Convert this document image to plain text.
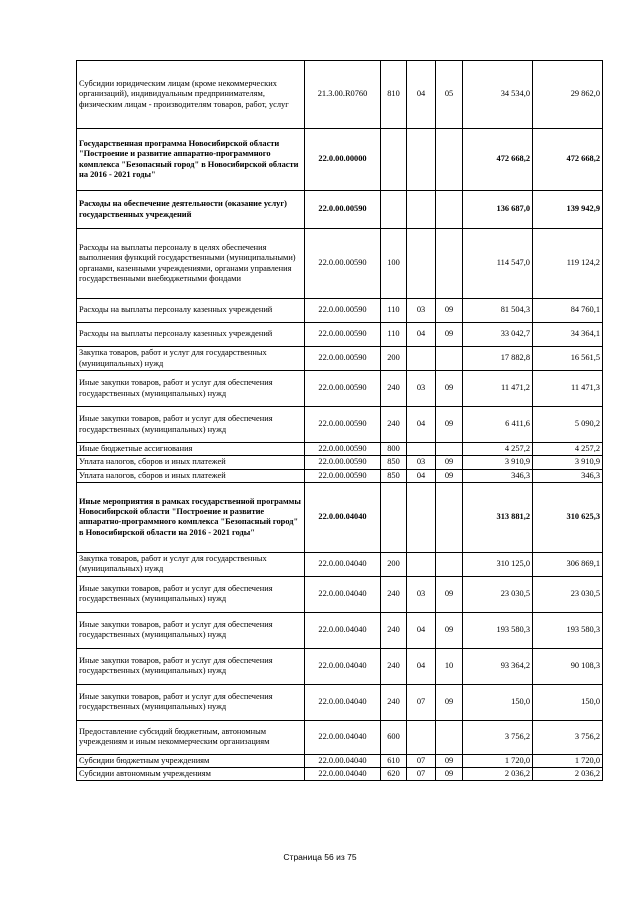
Субсидии юридическим лицам (кроме некоммерческих организаций), индивидуальным предпринимателям, физическим лицам - производителям товаров, работ, услуг	21.3.00.R0760	810	04	05	34 534,0	29 862,0
Государственная программа Новосибирской области "Построение и развитие аппаратно-программного комплекса "Безопасный город" в Новосибирской области на 2016 - 2021 годы"	22.0.00.00000				472 668,2	472 668,2
Расходы на обеспечение деятельности (оказание услуг) государственных учреждений	22.0.00.00590				136 687,0	139 942,9
Расходы на выплаты персоналу в целях обеспечения выполнения функций государственными (муниципальными) органами, казенными учреждениями, органами управления государственными внебюджетными фондами	22.0.00.00590	100			114 547,0	119 124,2
Расходы на выплаты персоналу казенных учреждений	22.0.00.00590	110	03	09	81 504,3	84 760,1
Расходы на выплаты персоналу казенных учреждений	22.0.00.00590	110	04	09	33 042,7	34 364,1
Закупка товаров, работ и услуг для государственных (муниципальных) нужд	22.0.00.00590	200			17 882,8	16 561,5
Иные закупки товаров, работ и услуг для обеспечения государственных (муниципальных) нужд	22.0.00.00590	240	03	09	11 471,2	11 471,3
Иные закупки товаров, работ и услуг для обеспечения государственных (муниципальных) нужд	22.0.00.00590	240	04	09	6 411,6	5 090,2
Иные бюджетные ассигнования	22.0.00.00590	800			4 257,2	4 257,2
Уплата налогов, сборов и иных платежей	22.0.00.00590	850	03	09	3 910,9	3 910,9
Уплата налогов, сборов и иных платежей	22.0.00.00590	850	04	09	346,3	346,3
Иные мероприятия в рамках государственной программы Новосибирской области "Построение и развитие аппаратно-программного комплекса "Безопасный город" в Новосибирской области на 2016 - 2021 годы"	22.0.00.04040				313 881,2	310 625,3
Закупка товаров, работ и услуг для государственных (муниципальных) нужд	22.0.00.04040	200			310 125,0	306 869,1
Иные закупки товаров, работ и услуг для обеспечения государственных (муниципальных) нужд	22.0.00.04040	240	03	09	23 030,5	23 030,5
Иные закупки товаров, работ и услуг для обеспечения государственных (муниципальных) нужд	22.0.00.04040	240	04	09	193 580,3	193 580,3
Иные закупки товаров, работ и услуг для обеспечения государственных (муниципальных) нужд	22.0.00.04040	240	04	10	93 364,2	90 108,3
Иные закупки товаров, работ и услуг для обеспечения государственных (муниципальных) нужд	22.0.00.04040	240	07	09	150,0	150,0
Предоставление субсидий бюджетным, автономным учреждениям и иным некоммерческим организациям	22.0.00.04040	600			3 756,2	3 756,2
Субсидии бюджетным учреждениям	22.0.00.04040	610	07	09	1 720,0	1 720,0
Субсидии автономным учреждениям	22.0.00.04040	620	07	09	2 036,2	2 036,2
Страница 56 из 75
